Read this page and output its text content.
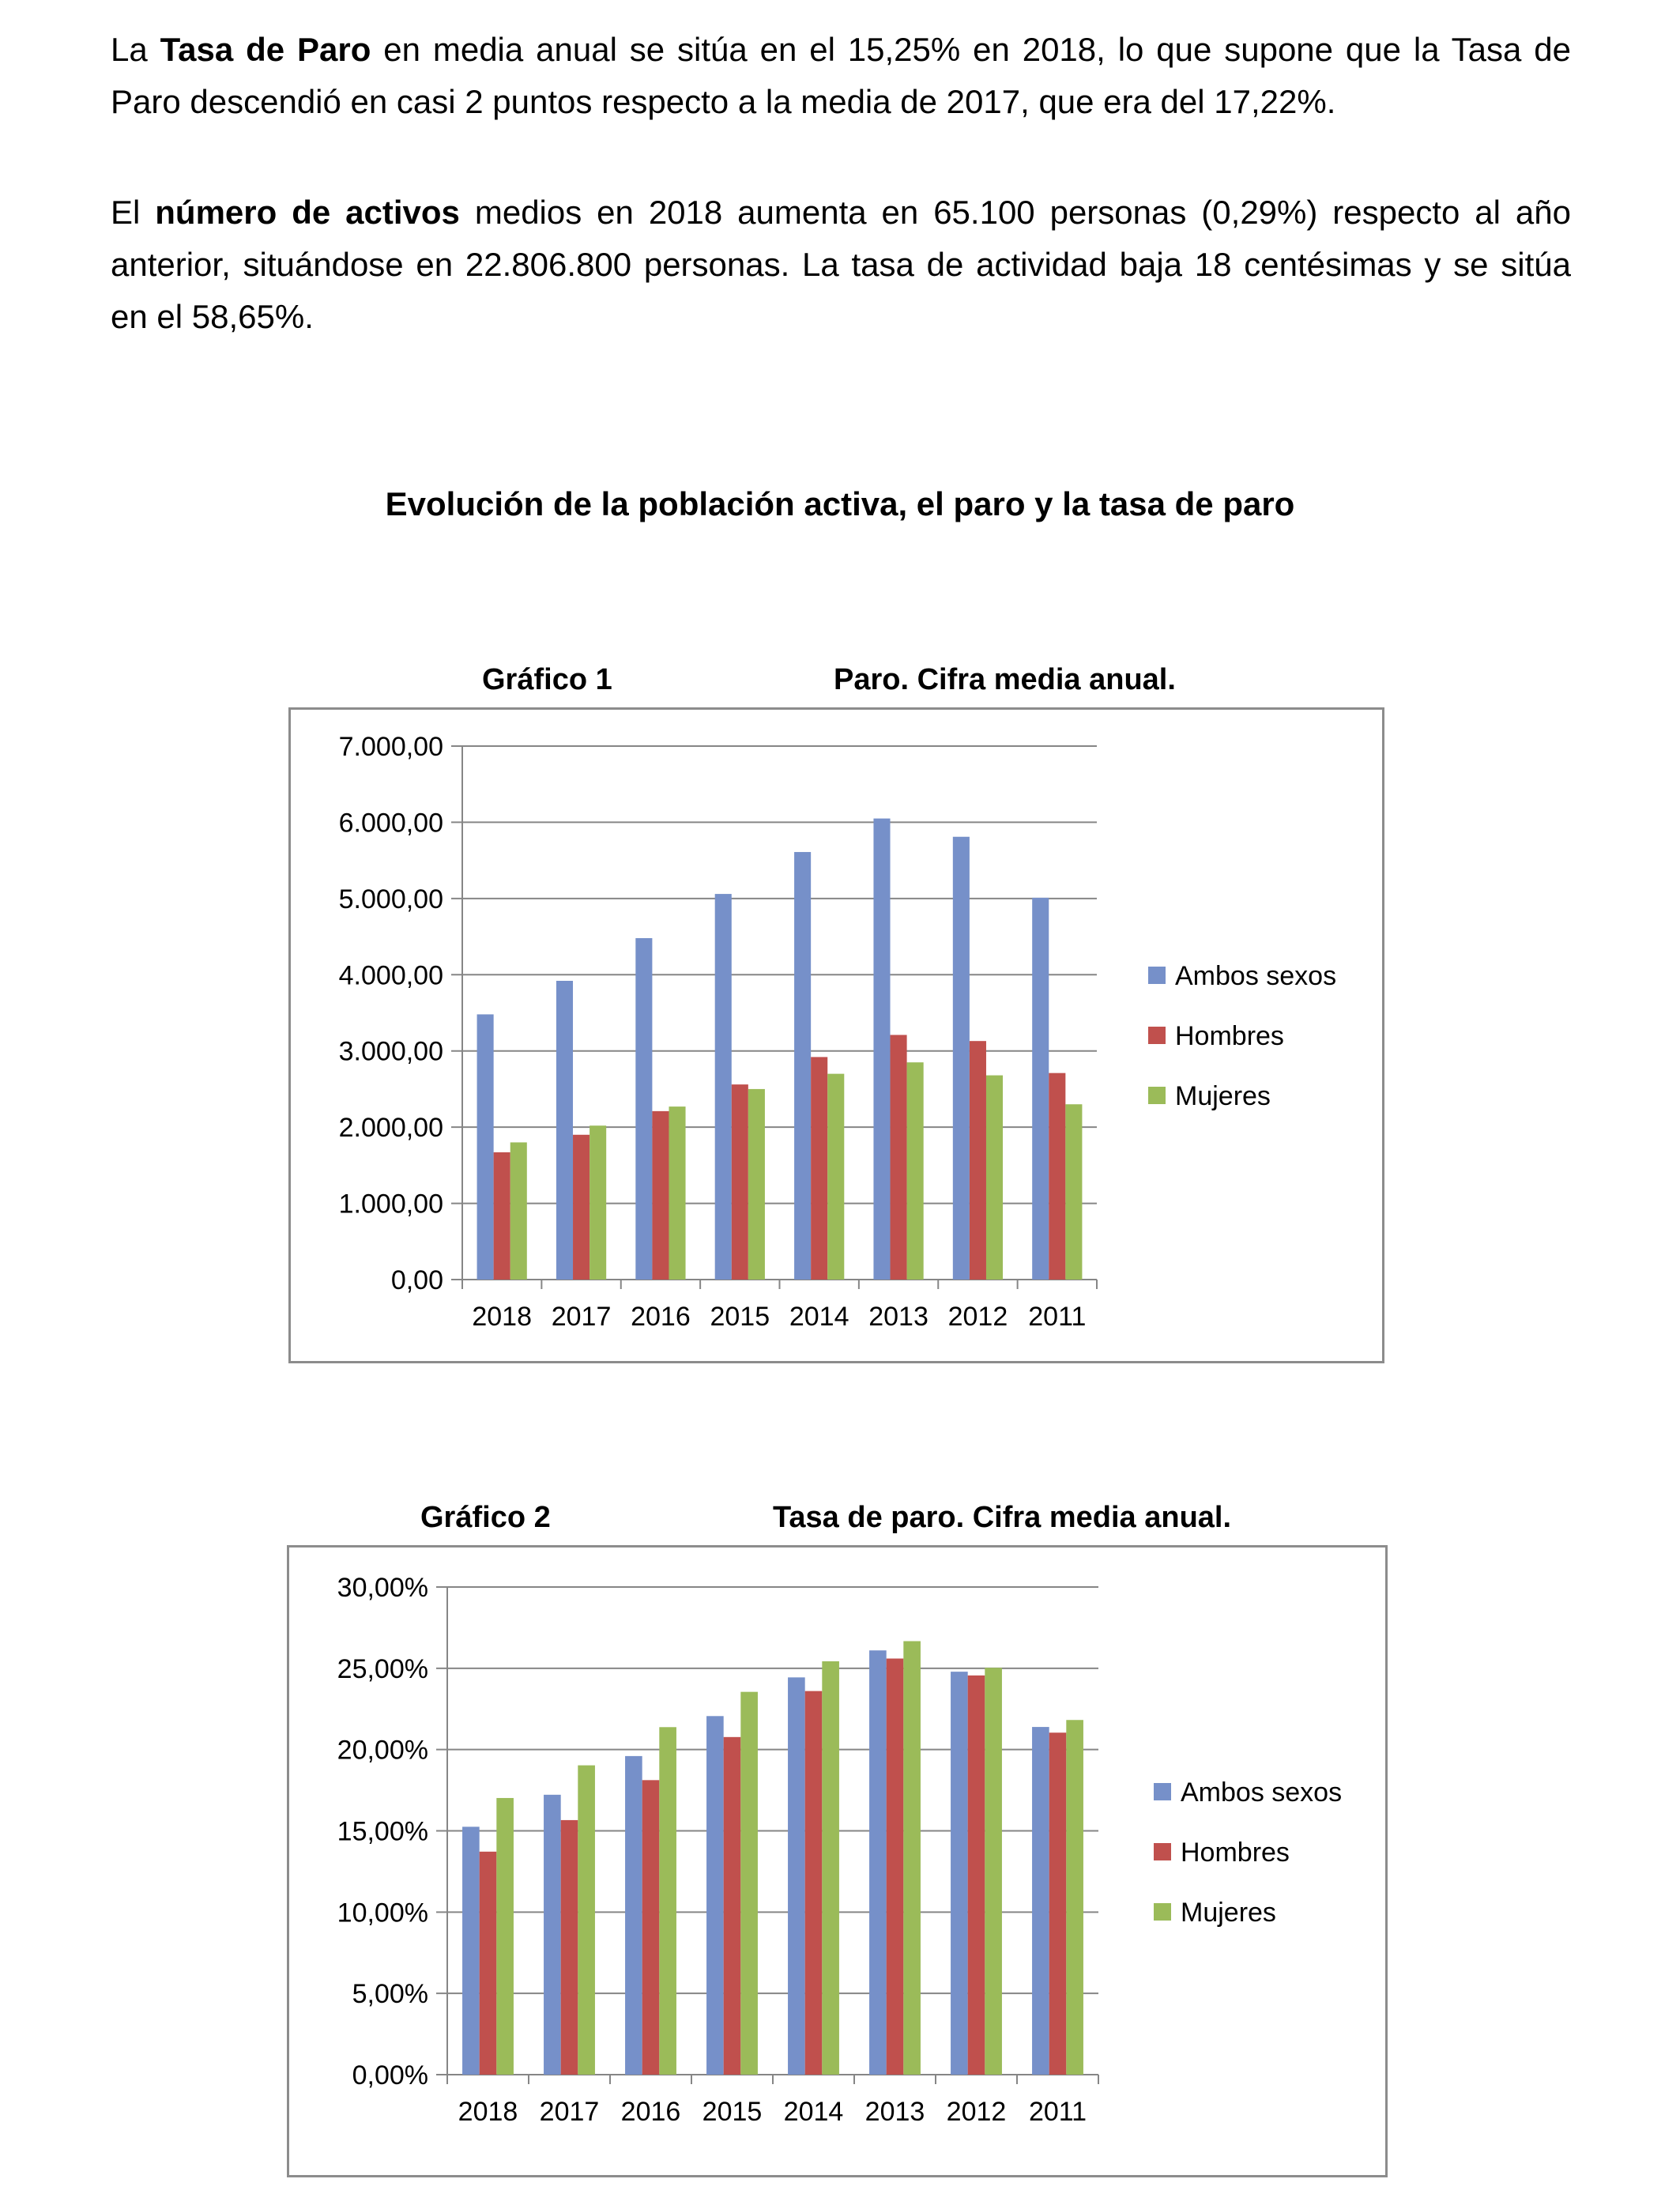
La Tasa de Paro en media anual se sitúa en el 15,25% en 2018, lo que supone que la Tasa de Paro descendió en casi 2 puntos respecto a la media de 2017, que era del 17,22%.

El número de activos medios en 2018 aumenta en 65.100 personas (0,29%) respecto al año anterior, situándose en 22.806.800 personas. La tasa de actividad baja 18 centésimas y se sitúa en el 58,65%.

Evolución de la población activa, el paro y la tasa de paro
Gráfico 1	Paro. Cifra media anual.
0,00
1.000,00
2.000,00
3.000,00
4.000,00
5.000,00
6.000,00
7.000,00
2018 2017 2016 2015 2014 2013 2012 2011
Ambos sexos
Hombres
Mujeres
Gráfico 2	Tasa de paro. Cifra media anual.
0,00%
5,00%
10,00%
15,00%
20,00%
25,00%
30,00%
2018 2017 2016 2015 2014 2013 2012 2011
Ambos sexos
Hombres
Mujeres
